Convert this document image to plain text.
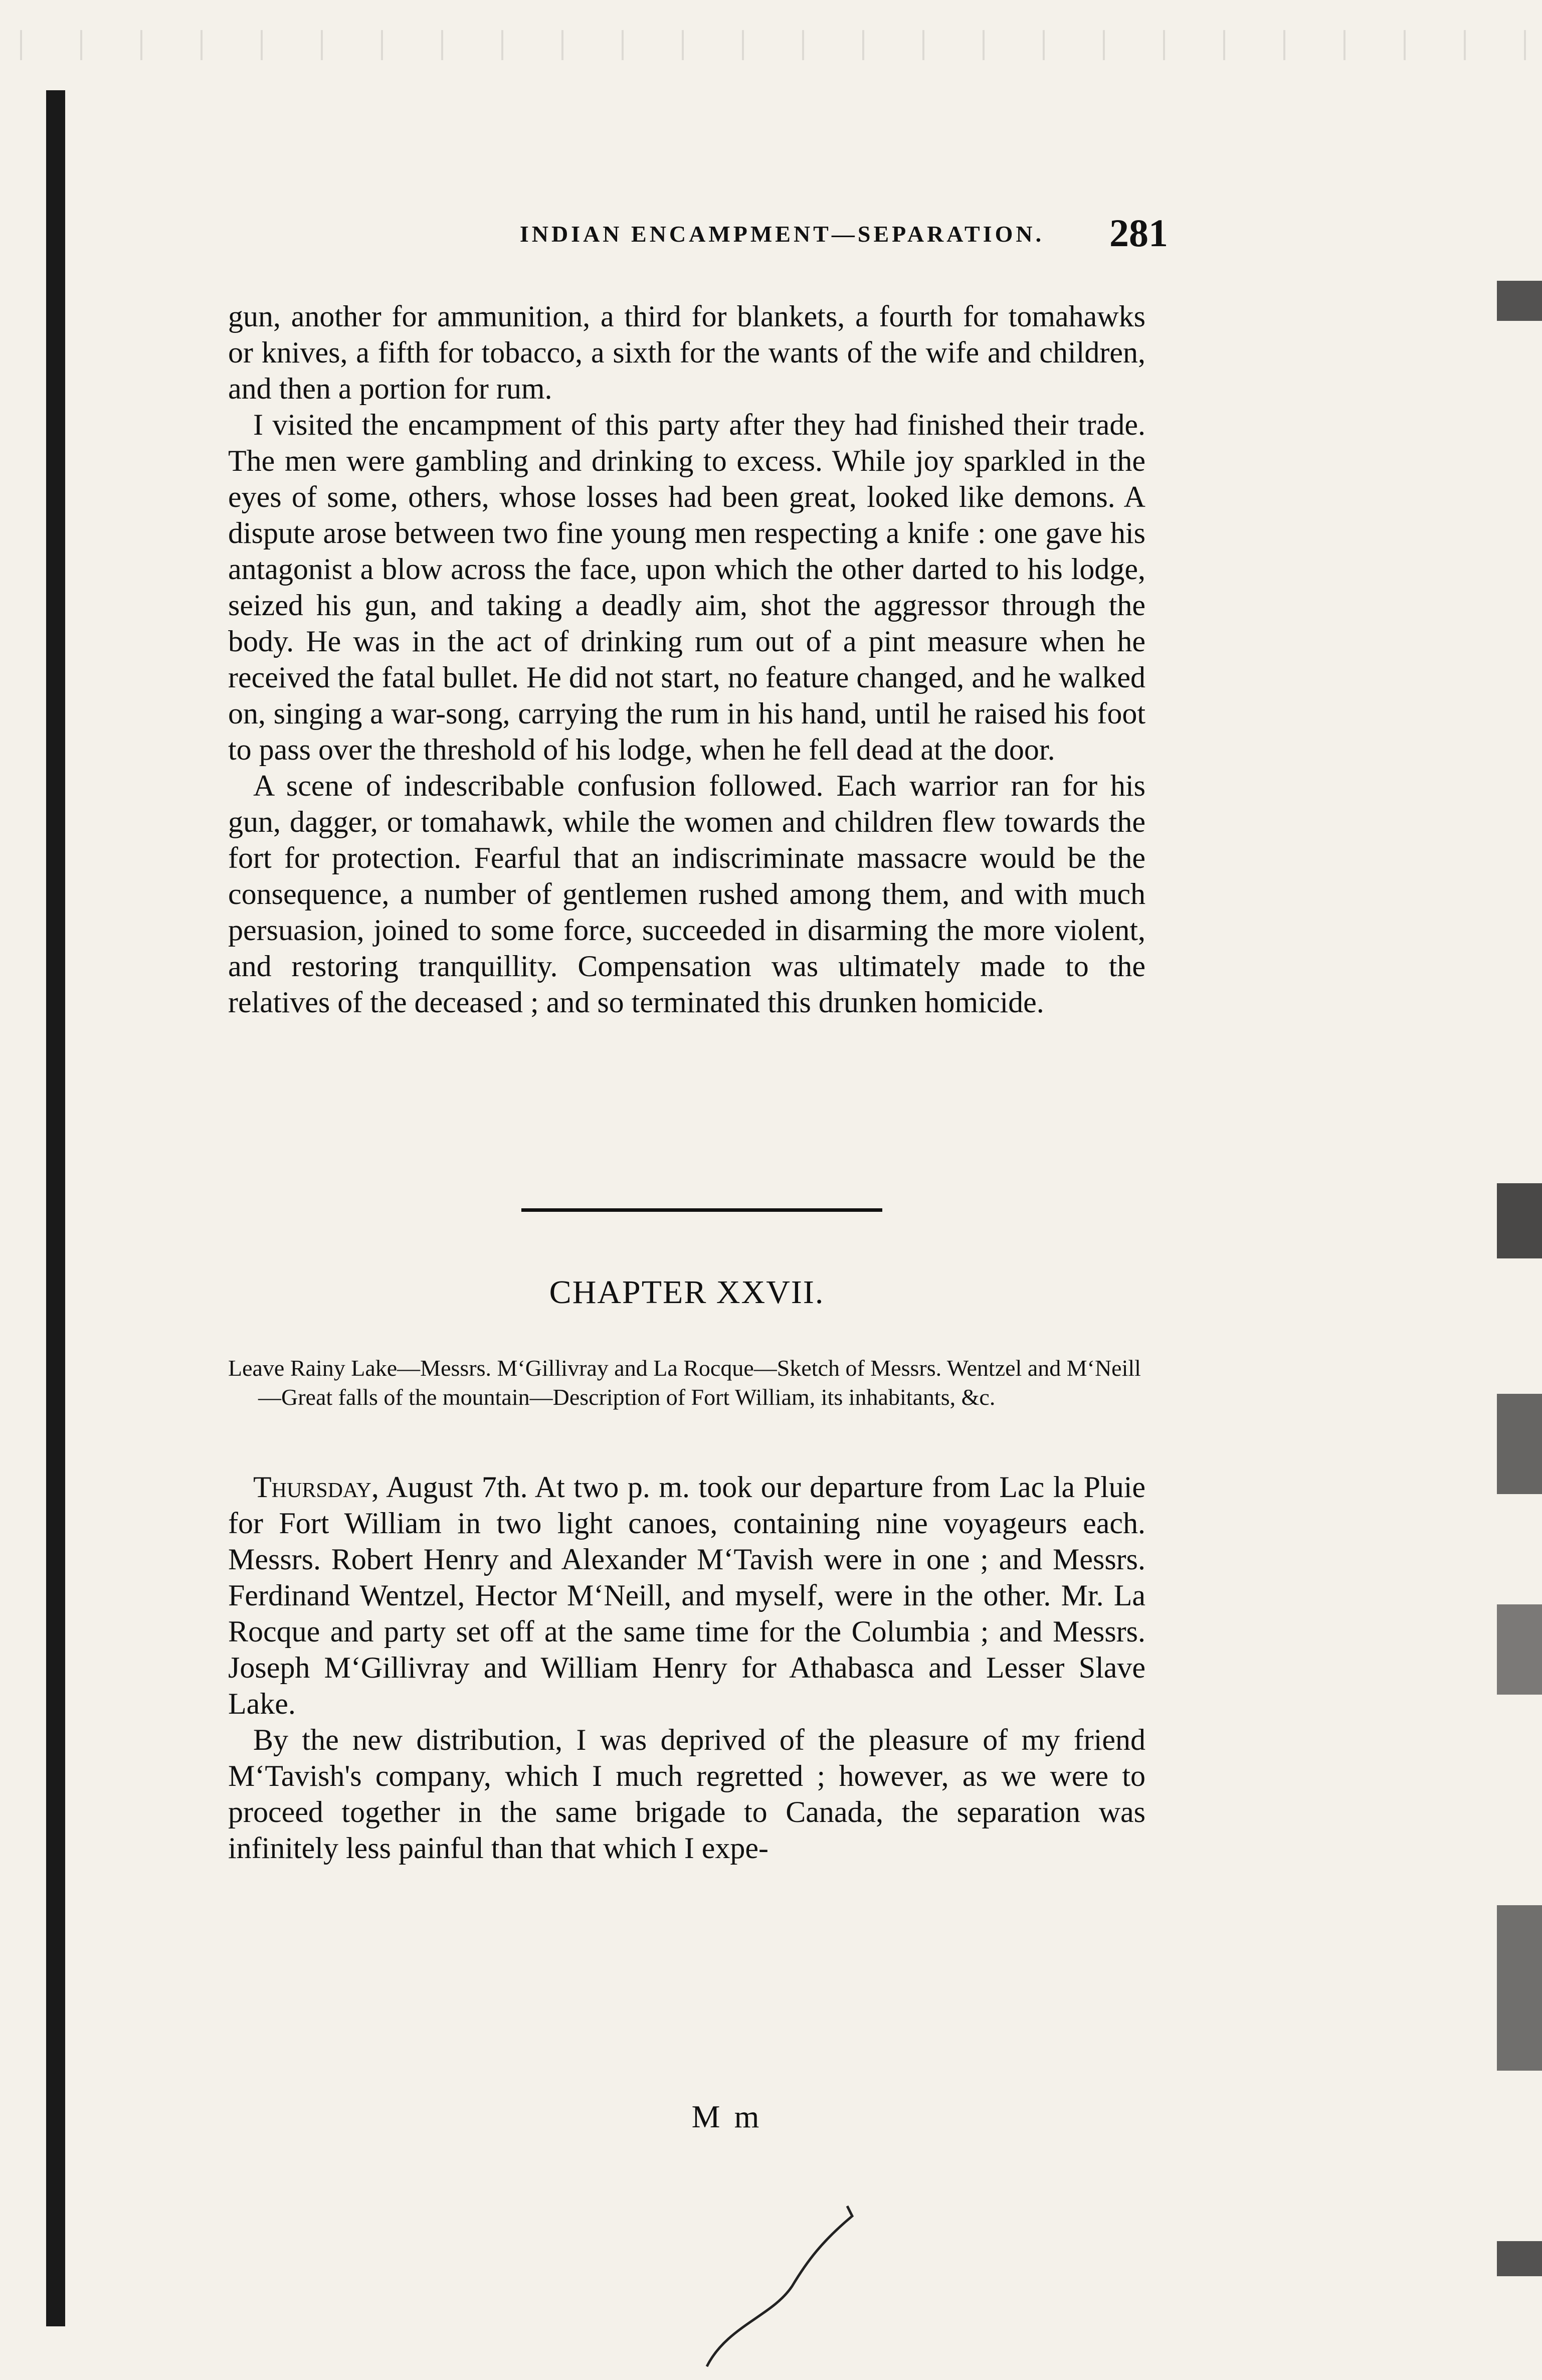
INDIAN ENCAMPMENT—SEPARATION.	281

gun, another for ammunition, a third for blankets, a fourth for tomahawks or knives, a fifth for tobacco, a sixth for the wants of the wife and children, and then a portion for rum.

I visited the encampment of this party after they had finished their trade. The men were gambling and drinking to excess. While joy sparkled in the eyes of some, others, whose losses had been great, looked like demons. A dispute arose between two fine young men respecting a knife : one gave his antagonist a blow across the face, upon which the other darted to his lodge, seized his gun, and taking a deadly aim, shot the aggressor through the body. He was in the act of drinking rum out of a pint measure when he received the fatal bullet. He did not start, no feature changed, and he walked on, singing a war-song, carrying the rum in his hand, until he raised his foot to pass over the threshold of his lodge, when he fell dead at the door.

A scene of indescribable confusion followed. Each warrior ran for his gun, dagger, or tomahawk, while the women and children flew towards the fort for protection. Fearful that an indiscriminate massacre would be the consequence, a number of gentlemen rushed among them, and with much persuasion, joined to some force, succeeded in disarming the more violent, and restoring tranquillity. Compensation was ultimately made to the relatives of the deceased ; and so terminated this drunken homicide.

CHAPTER XXVII.
Leave Rainy Lake—Messrs. M‘Gillivray and La Rocque—Sketch of Messrs. Wentzel and M‘Neill—Great falls of the mountain—Description of Fort William, its inhabitants, &c.

Thursday, August 7th. At two p. m. took our departure from Lac la Pluie for Fort William in two light canoes, containing nine voyageurs each. Messrs. Robert Henry and Alexander M‘Tavish were in one ; and Messrs. Ferdinand Wentzel, Hector M‘Neill, and myself, were in the other. Mr. La Rocque and party set off at the same time for the Columbia ; and Messrs. Joseph M‘Gillivray and William Henry for Athabasca and Lesser Slave Lake.

By the new distribution, I was deprived of the pleasure of my friend M‘Tavish's company, which I much regretted ; however, as we were to proceed together in the same brigade to Canada, the separation was infinitely less painful than that which I expe-

M m
